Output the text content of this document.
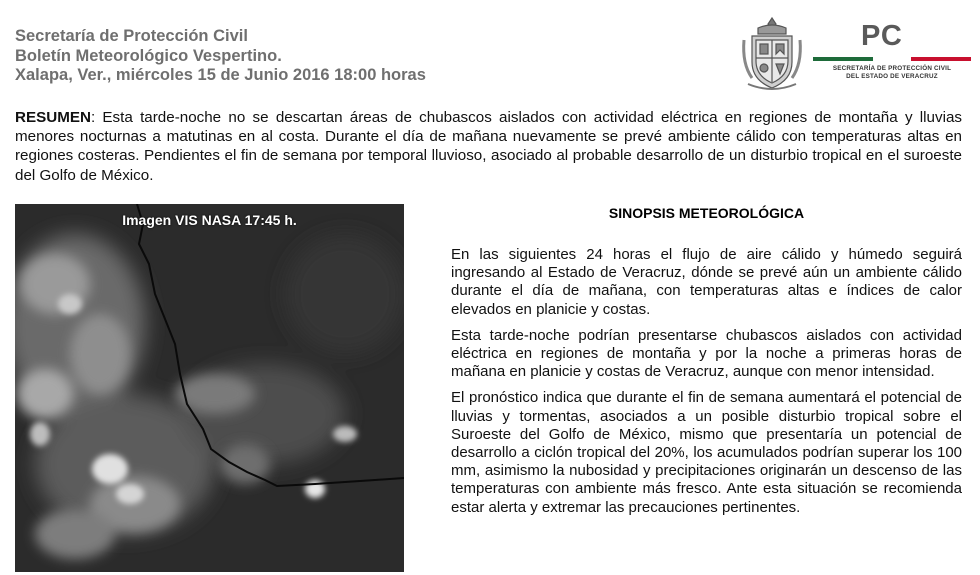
Secretaría de Protección Civil
Boletín Meteorológico Vespertino.
Xalapa, Ver., miércoles 15 de Junio 2016 18:00 horas
PC
SECRETARÍA DE PROTECCIÓN CIVIL
DEL ESTADO DE VERACRUZ
RESUMEN: Esta tarde-noche no se descartan áreas de chubascos aislados con actividad eléctrica en regiones de montaña y lluvias menores nocturnas a matutinas en al costa. Durante el día de mañana nuevamente se prevé ambiente cálido con temperaturas altas en regiones costeras. Pendientes el fin de semana por temporal lluvioso, asociado al probable desarrollo de un disturbio tropical en el suroeste del Golfo de México.
Imagen VIS NASA 17:45 h.	SINOPSIS METEOROLÓGICA

En las siguientes 24 horas el flujo de aire cálido y húmedo seguirá ingresando al Estado de Veracruz, dónde se prevé aún un ambiente cálido durante el día de mañana, con temperaturas altas e índices de calor elevados en planicie y costas.

Esta tarde-noche podrían presentarse chubascos aislados con actividad eléctrica en regiones de montaña y por la noche a primeras horas de mañana en planicie y costas de Veracruz, aunque con menor intensidad.

El pronóstico indica que durante el fin de semana aumentará el potencial de lluvias y tormentas, asociados a un posible disturbio tropical sobre el Suroeste del Golfo de México, mismo que presentaría un potencial de desarrollo a ciclón tropical del 20%, los acumulados podrían superar los 100 mm, asimismo la nubosidad y precipitaciones originarán un descenso de las temperaturas con ambiente más fresco. Ante esta situación se recomienda estar alerta y extremar las precauciones pertinentes.
